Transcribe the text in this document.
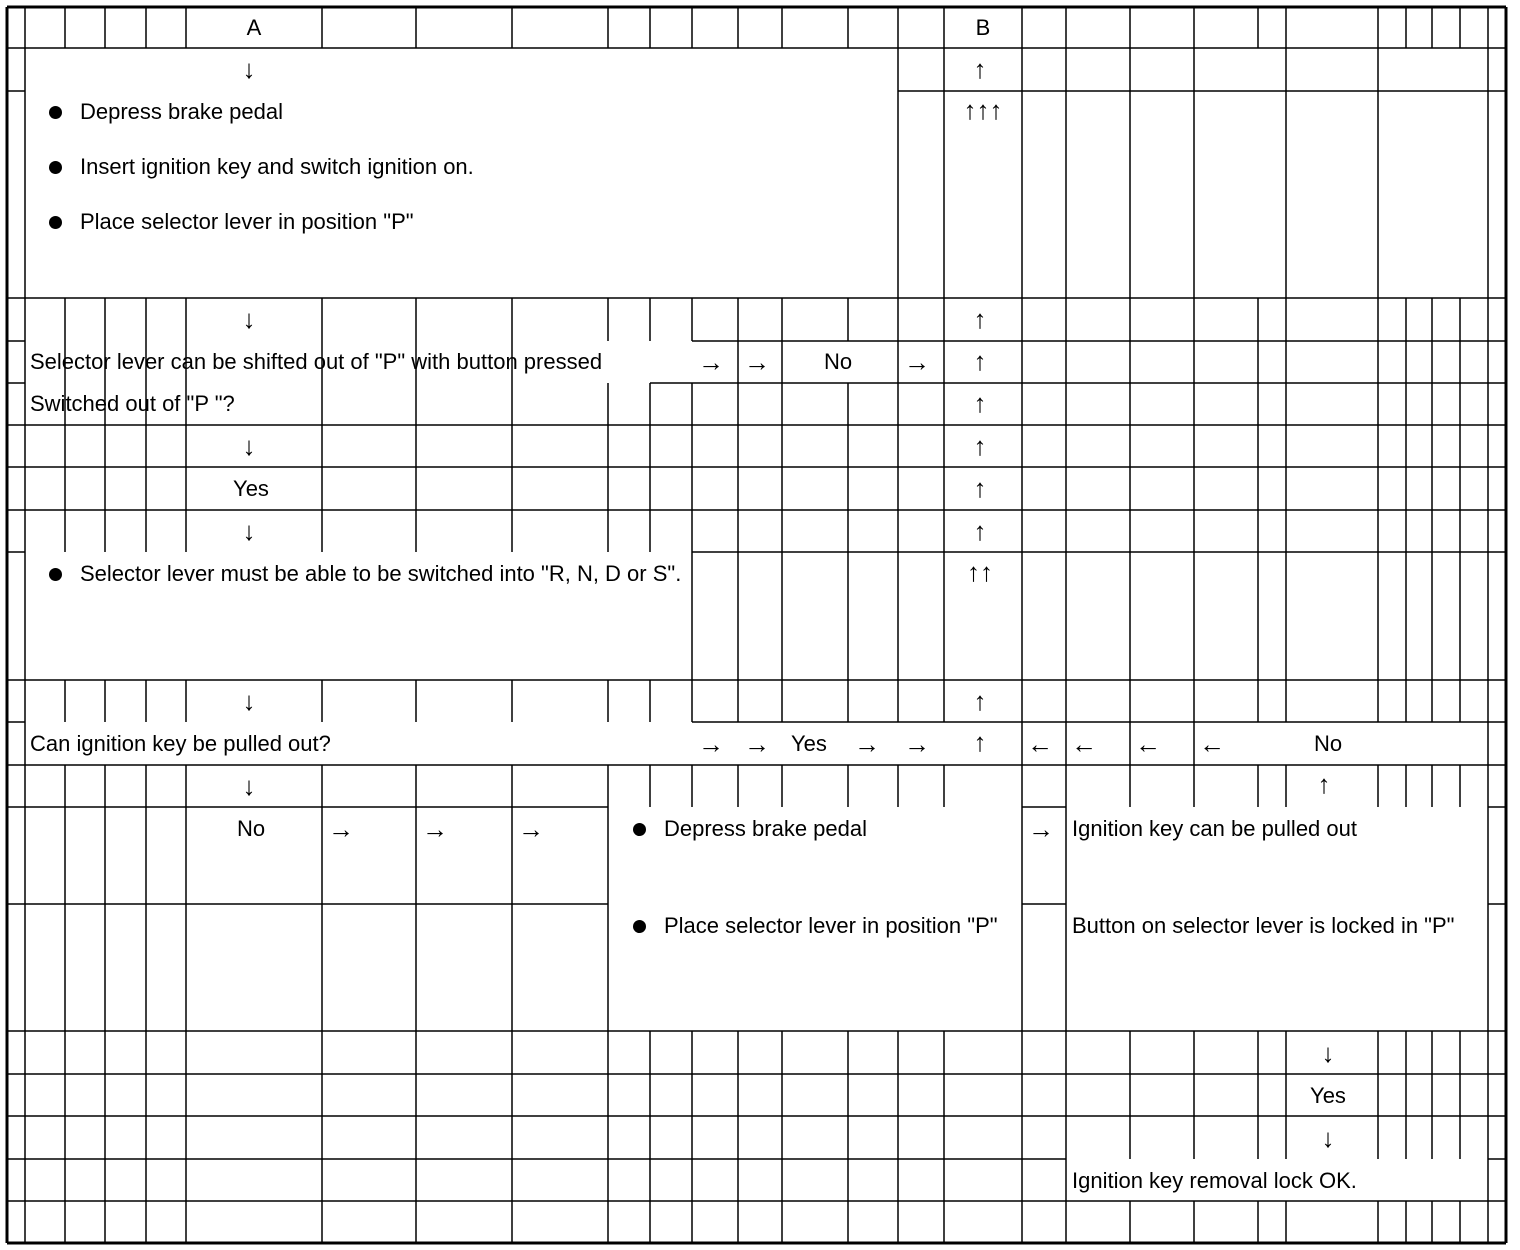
A	B
↓	↑
Depress brake pedal
Insert ignition key and switch ignition on.
Place selector lever in position "P"
↑↑↑
↓	↑
Selector lever can be shifted out of "P" with button pressed	→ →	No	→	↑
Switched out of "P "?	↑
↓	↑
Yes	↑
↓	↑
Selector lever must be able to be switched into "R, N, D or S".	↑↑
↓	↑
Can ignition key be pulled out?	→ → Yes → →	↑	← ← ← ←	No
↓	↑
No	→	→	→	Depress brake pedal	→ Ignition key can be pulled out
Place selector lever in position "P"	Button on selector lever is locked in "P"
↓
Yes
↓
Ignition key removal lock OK.
